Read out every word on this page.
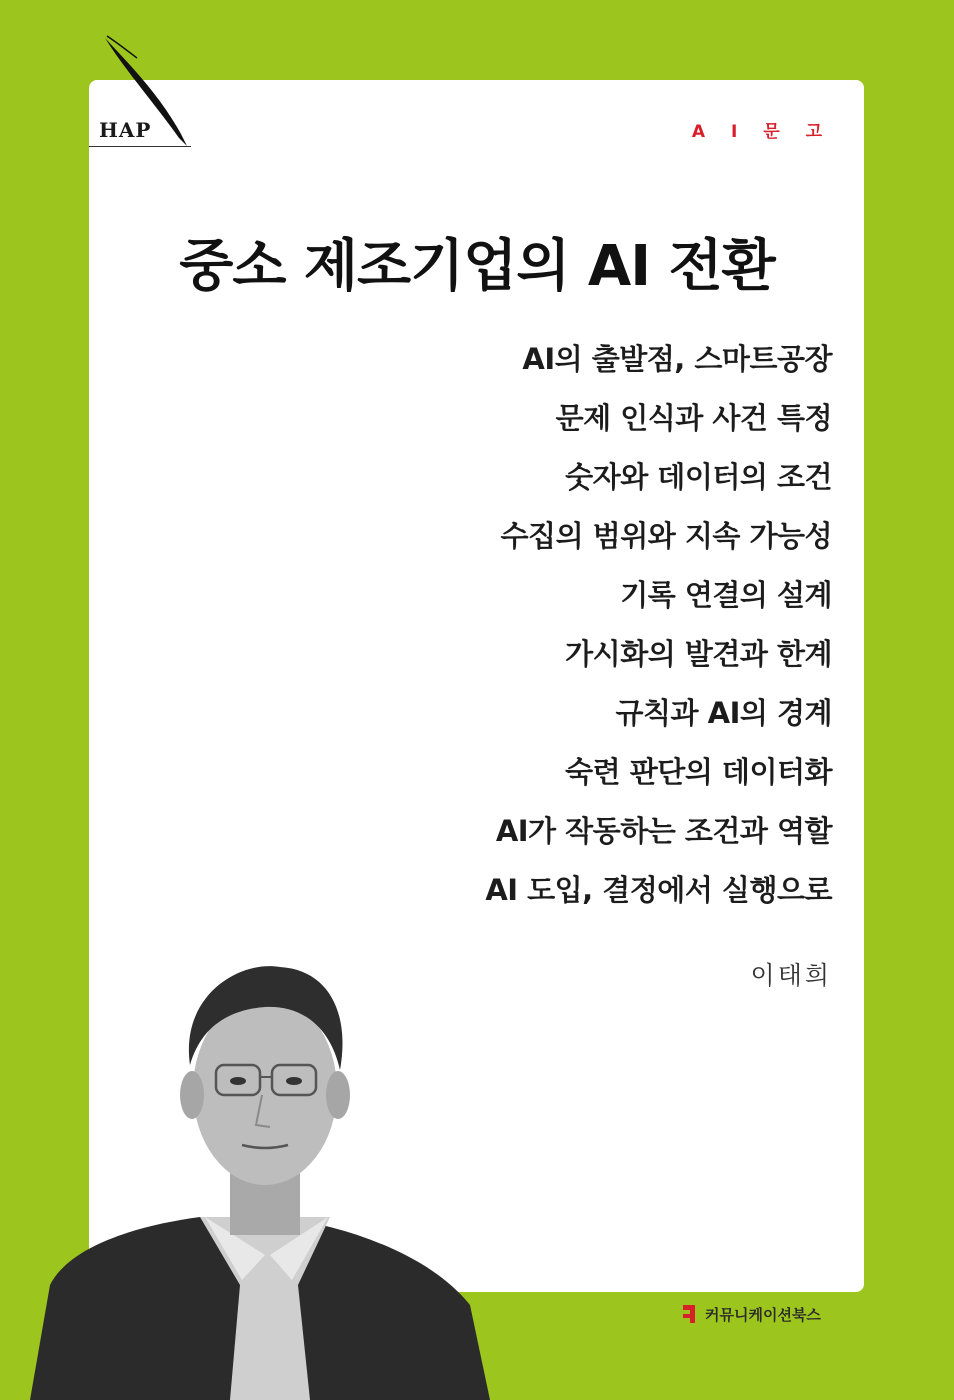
HAP	A I 문 고
중소 제조기업의 AI 전환
AI의 출발점, 스마트공장
문제 인식과 사건 특정
숫자와 데이터의 조건
수집의 범위와 지속 가능성
기록 연결의 설계
가시화의 발견과 한계
규칙과 AI의 경계
숙련 판단의 데이터화
AI가 작동하는 조건과 역할
AI 도입, 결정에서 실행으로
이태희
커뮤니케이션북스
